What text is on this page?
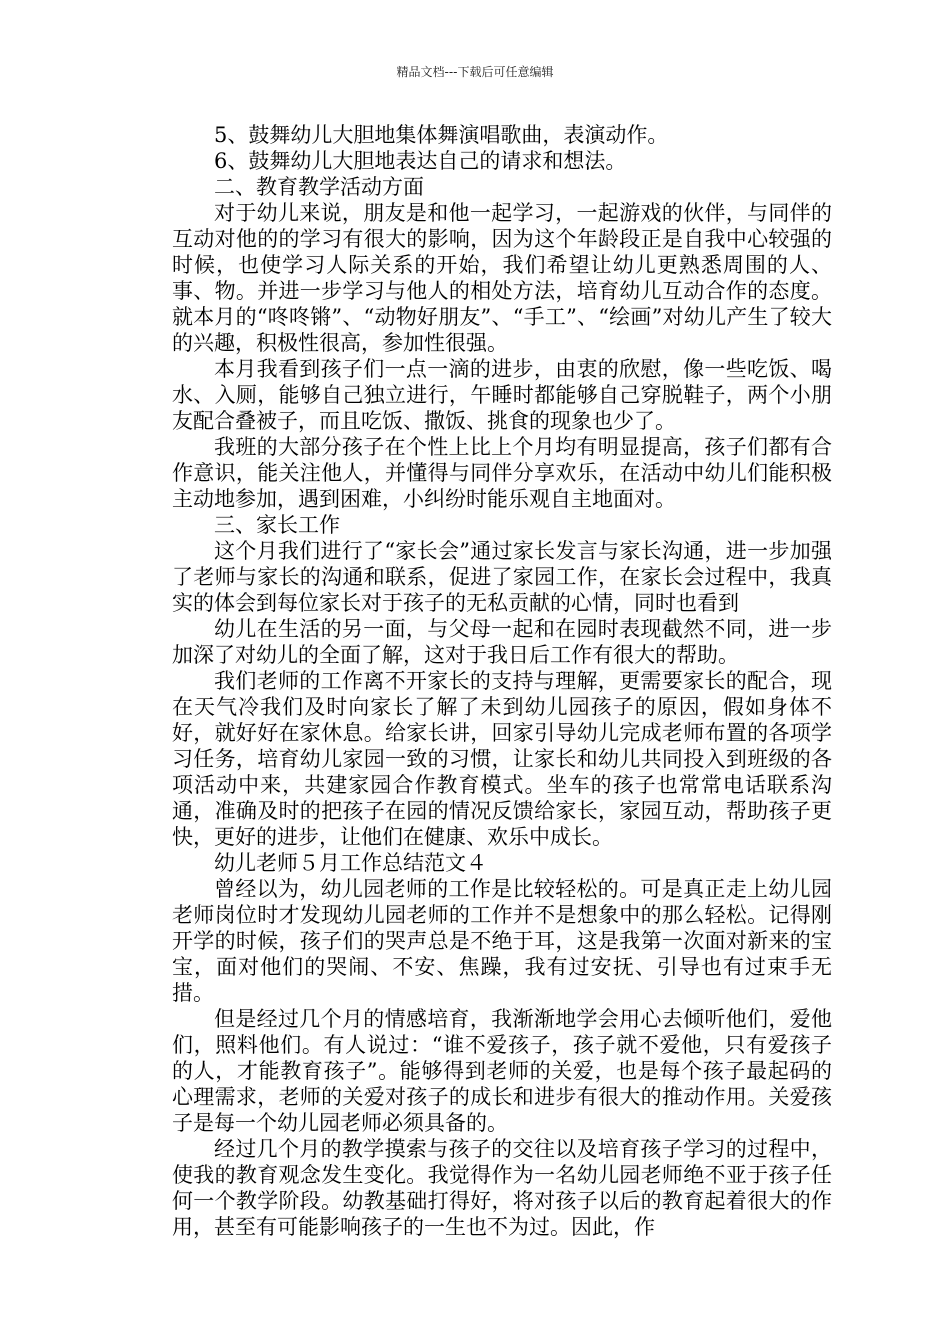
精品文档---下载后可任意编辑

5、鼓舞幼儿大胆地集体舞演唱歌曲，表演动作。

6、鼓舞幼儿大胆地表达自己的请求和想法。

二、教育教学活动方面

对于幼儿来说，朋友是和他一起学习，一起游戏的伙伴，与同伴的互动对他的的学习有很大的影响，因为这个年龄段正是自我中心较强的时候，也使学习人际关系的开始，我们希望让幼儿更熟悉周围的人、事、物。并进一步学习与他人的相处方法，培育幼儿互动合作的态度。就本月的“咚咚锵”、“动物好朋友”、“手工”、“绘画”对幼儿产生了较大的兴趣，积极性很高，参加性很强。

本月我看到孩子们一点一滴的进步，由衷的欣慰，像一些吃饭、喝水、入厕，能够自己独立进行，午睡时都能够自己穿脱鞋子，两个小朋友配合叠被子，而且吃饭、撒饭、挑食的现象也少了。

我班的大部分孩子在个性上比上个月均有明显提高，孩子们都有合作意识，能关注他人，并懂得与同伴分享欢乐，在活动中幼儿们能积极主动地参加，遇到困难，小纠纷时能乐观自主地面对。

三、家长工作

这个月我们进行了“家长会”通过家长发言与家长沟通，进一步加强了老师与家长的沟通和联系，促进了家园工作，在家长会过程中，我真实的体会到每位家长对于孩子的无私贡献的心情，同时也看到

幼儿在生活的另一面，与父母一起和在园时表现截然不同，进一步加深了对幼儿的全面了解，这对于我日后工作有很大的帮助。

我们老师的工作离不开家长的支持与理解，更需要家长的配合，现在天气冷我们及时向家长了解了未到幼儿园孩子的原因，假如身体不好，就好好在家休息。给家长讲，回家引导幼儿完成老师布置的各项学习任务，培育幼儿家园一致的习惯，让家长和幼儿共同投入到班级的各项活动中来，共建家园合作教育模式。坐车的孩子也常常电话联系沟通，准确及时的把孩子在园的情况反馈给家长，家园互动，帮助孩子更快，更好的进步，让他们在健康、欢乐中成长。

幼儿老师５月工作总结范文４

曾经以为，幼儿园老师的工作是比较轻松的。可是真正走上幼儿园老师岗位时才发现幼儿园老师的工作并不是想象中的那么轻松。记得刚开学的时候，孩子们的哭声总是不绝于耳，这是我第一次面对新来的宝宝，面对他们的哭闹、不安、焦躁，我有过安抚、引导也有过束手无措。

但是经过几个月的情感培育，我渐渐地学会用心去倾听他们，爱他们，照料他们。有人说过：“谁不爱孩子，孩子就不爱他，只有爱孩子的人，才能教育孩子”。能够得到老师的关爱，也是每个孩子最起码的心理需求，老师的关爱对孩子的成长和进步有很大的推动作用。关爱孩子是每一个幼儿园老师必须具备的。

经过几个月的教学摸索与孩子的交往以及培育孩子学习的过程中，使我的教育观念发生变化。我觉得作为一名幼儿园老师绝不亚于孩子任何一个教学阶段。幼教基础打得好，将对孩子以后的教育起着很大的作用，甚至有可能影响孩子的一生也不为过。因此，作
